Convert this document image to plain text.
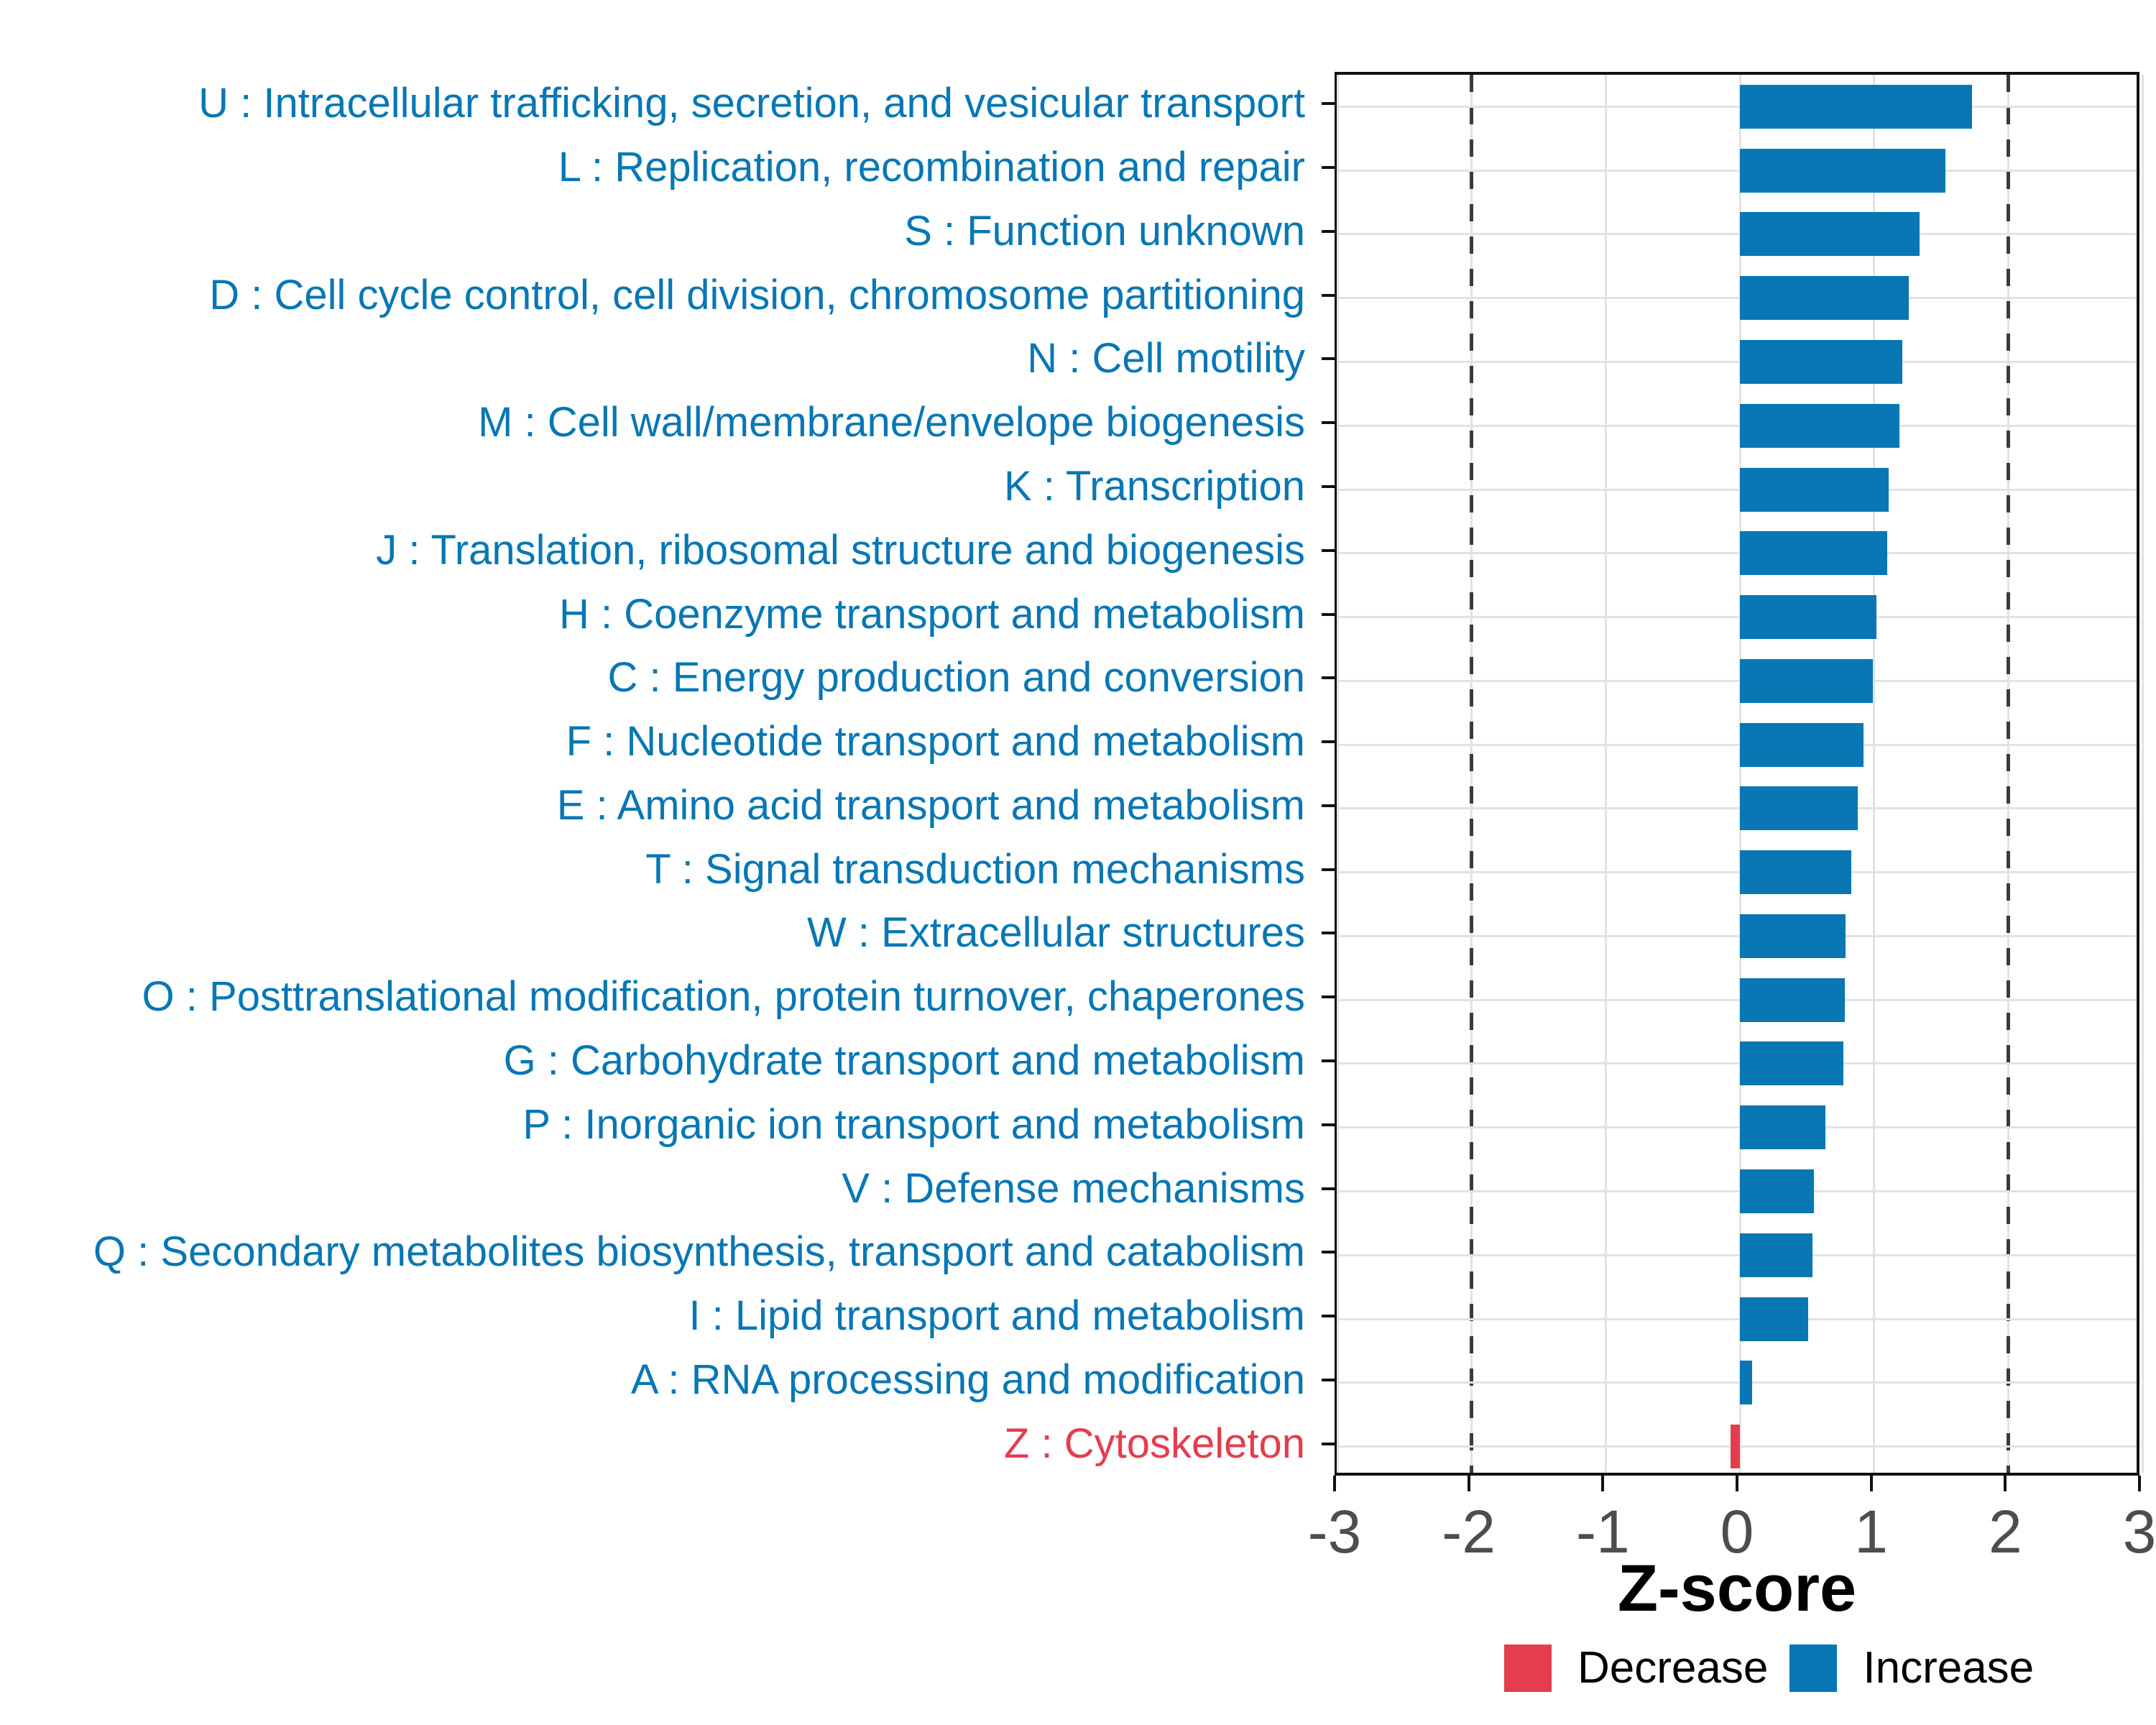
U : Intracellular trafficking, secretion, and vesicular transport
L : Replication, recombination and repair
S : Function unknown
D : Cell cycle control, cell division, chromosome partitioning
N : Cell motility
M : Cell wall/membrane/envelope biogenesis
K : Transcription
J : Translation, ribosomal structure and biogenesis
H : Coenzyme transport and metabolism
C : Energy production and conversion
F : Nucleotide transport and metabolism
E : Amino acid transport and metabolism
T : Signal transduction mechanisms
W : Extracellular structures
O : Posttranslational modification, protein turnover, chaperones
G : Carbohydrate transport and metabolism
P : Inorganic ion transport and metabolism
V : Defense mechanisms
Q : Secondary metabolites biosynthesis, transport and catabolism
I : Lipid transport and metabolism
A : RNA processing and modification
Z : Cytoskeleton
-3 -2 -1 0 1 2 3
Z-score
Decrease Increase
